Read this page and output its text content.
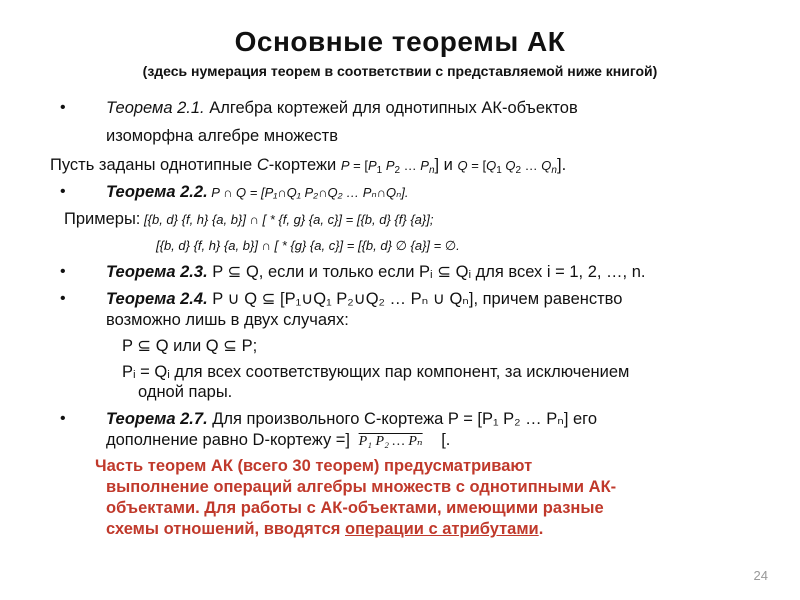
Основные теоремы АК
(здесь нумерация теорем в соответствии с представляемой ниже книгой)
• Теорема 2.1. Алгебра кортежей для однотипных АК-объектов
изоморфна алгебре множеств
Пусть заданы однотипные C-кортежи $P = [P_1$ $P_2$ … $P_n$] и $Q = [Q_1$ $Q_2$ … $Q_n$].
• Теорема 2.2. P ∩ Q = [P₁∩Q₁ P₂∩Q₂ … Pₙ∩Qₙ].
Примеры: [{b, d} {f, h} {a, b}] ∩ [ * {f, g} {a, c}] = [{b, d} {f} {a}];
[{b, d} {f, h} {a, b}] ∩ [ * {g} {a, c}] = [{b, d} ∅ {a}] = ∅.
• Теорема 2.3. P ⊆ Q, если и только если Pᵢ ⊆ Qᵢ для всех i = 1, 2, …, n.
• Теорема 2.4. P ∪ Q ⊆ [P₁∪Q₁ P₂∪Q₂ … Pₙ ∪ Qₙ], причем равенство
возможно лишь в двух случаях:
P ⊆ Q или Q ⊆ P;
Pᵢ = Qᵢ для всех соответствующих пар компонент, за исключением
одной пары.
• Теорема 2.7. Для произвольного C-кортежа P = [P₁ P₂ … Pₙ] его
дополнение равно D-кортежу =] P₁ P₂ … Pₙ [.
Часть теорем АК (всего 30 теорем) предусматривают
выполнение операций алгебры множеств с однотипными АК-
объектами. Для работы с АК-объектами, имеющими разные
схемы отношений, вводятся операции с атрибутами.
24
